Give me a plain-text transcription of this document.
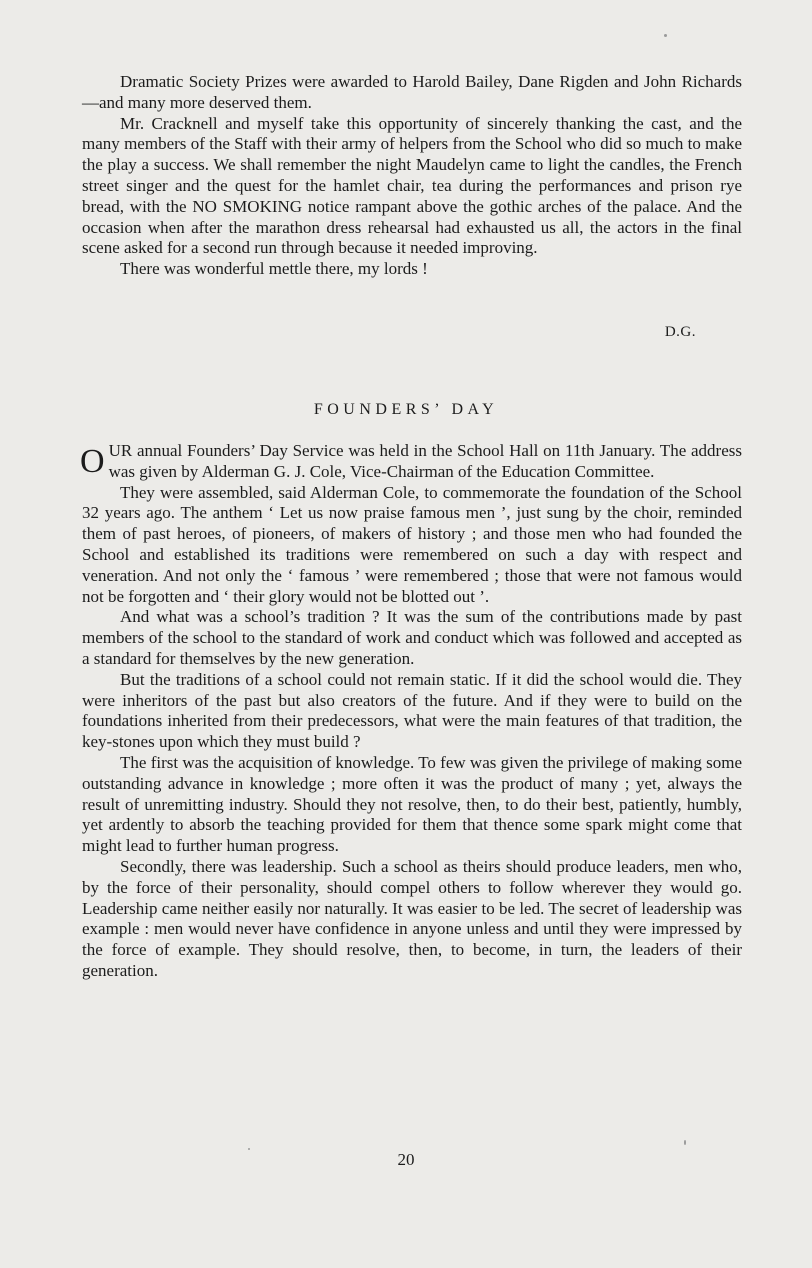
Dramatic Society Prizes were awarded to Harold Bailey, Dane Rigden and John Richards—and many more deserved them.

Mr. Cracknell and myself take this opportunity of sincerely thanking the cast, and the many members of the Staff with their army of helpers from the School who did so much to make the play a success. We shall remember the night Maudelyn came to light the candles, the French street singer and the quest for the hamlet chair, tea during the performances and prison rye bread, with the NO SMOKING notice rampant above the gothic arches of the palace. And the occasion when after the marathon dress rehearsal had exhausted us all, the actors in the final scene asked for a second run through because it needed improving.

There was wonderful mettle there, my lords !

D.G.
FOUNDERS’ DAY

OUR annual Founders’ Day Service was held in the School Hall on 11th January. The address was given by Alderman G. J. Cole, Vice-Chairman of the Education Committee.

They were assembled, said Alderman Cole, to commemorate the foundation of the School 32 years ago. The anthem ‘ Let us now praise famous men ’, just sung by the choir, reminded them of past heroes, of pioneers, of makers of history ; and those men who had founded the School and established its traditions were remembered on such a day with respect and veneration. And not only the ‘ famous ’ were remembered ; those that were not famous would not be forgotten and ‘ their glory would not be blotted out ’.

And what was a school’s tradition ? It was the sum of the contributions made by past members of the school to the standard of work and conduct which was followed and accepted as a standard for themselves by the new generation.

But the traditions of a school could not remain static. If it did the school would die. They were inheritors of the past but also creators of the future. And if they were to build on the foundations inherited from their predecessors, what were the main features of that tradition, the key-stones upon which they must build ?

The first was the acquisition of knowledge. To few was given the privilege of making some outstanding advance in knowledge ; more often it was the product of many ; yet, always the result of unremitting industry. Should they not resolve, then, to do their best, patiently, humbly, yet ardently to absorb the teaching provided for them that thence some spark might come that might lead to further human progress.

Secondly, there was leadership. Such a school as theirs should produce leaders, men who, by the force of their personality, should compel others to follow wherever they would go. Leadership came neither easily nor naturally. It was easier to be led. The secret of leadership was example : men would never have confidence in anyone unless and until they were impressed by the force of example. They should resolve, then, to become, in turn, the leaders of their generation.

20
